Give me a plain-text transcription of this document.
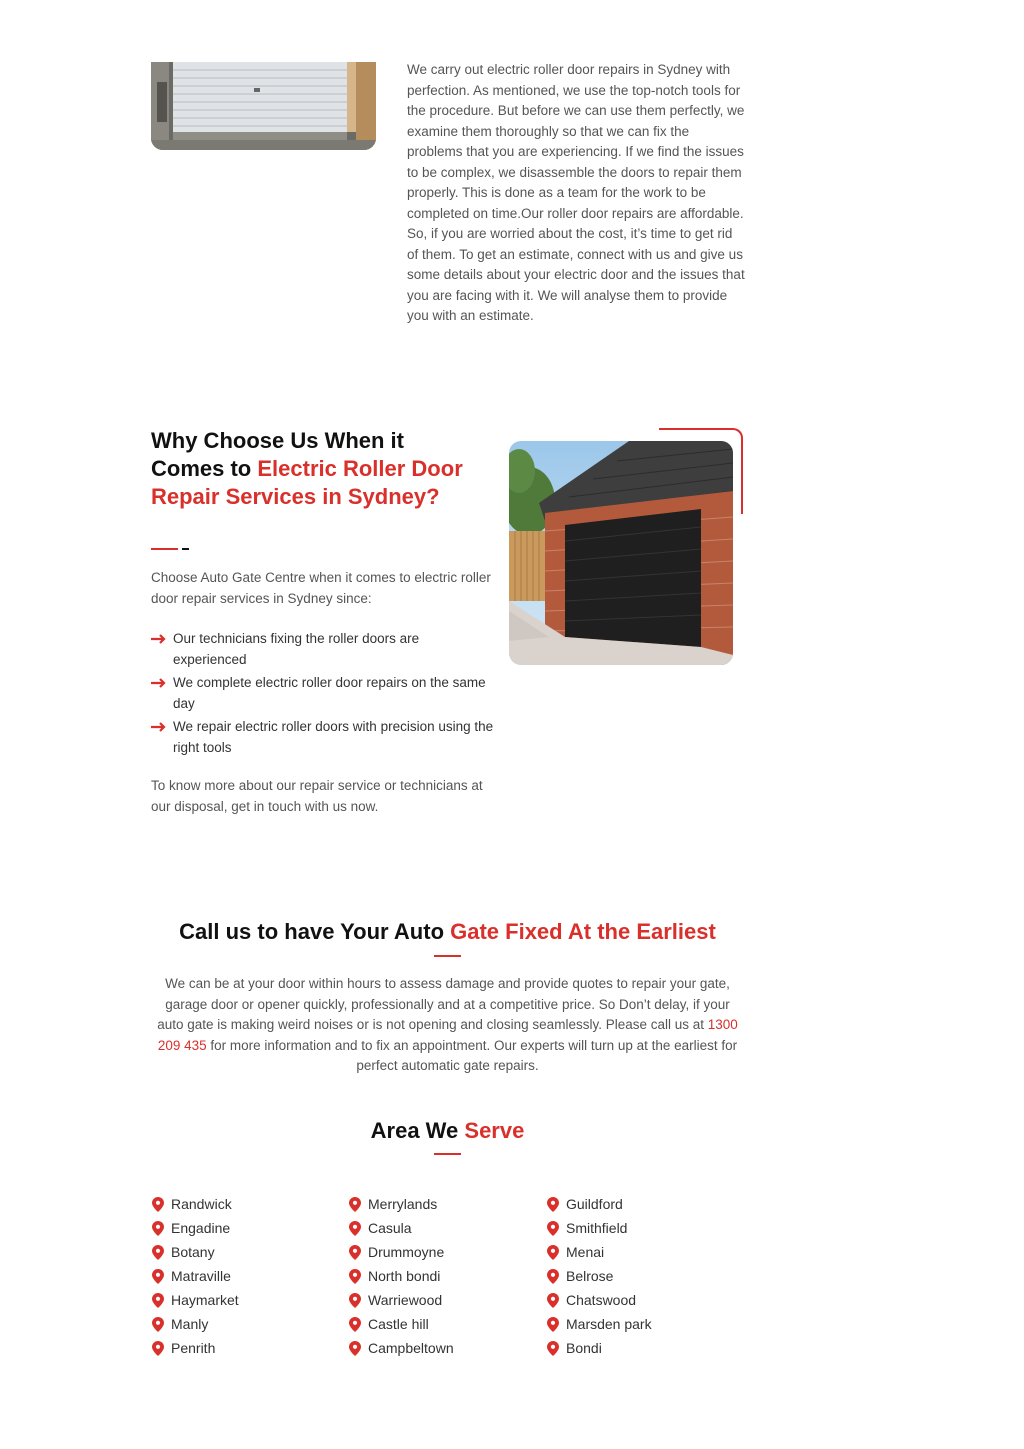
We carry out electric roller door repairs in Sydney with perfection. As mentioned, we use the top-notch tools for the procedure. But before we can use them perfectly, we examine them thoroughly so that we can fix the problems that you are experiencing. If we find the issues to be complex, we disassemble the doors to repair them properly. This is done as a team for the work to be completed on time.Our roller door repairs are affordable. So, if you are worried about the cost, it’s time to get rid of them. To get an estimate, connect with us and give us some details about your electric door and the issues that you are facing with it. We will analyse them to provide you with an estimate.
Why Choose Us When it Comes to Electric Roller Door Repair Services in Sydney?
Choose Auto Gate Centre when it comes to electric roller door repair services in Sydney since:
Our technicians fixing the roller doors are experienced
We complete electric roller door repairs on the same day
We repair electric roller doors with precision using the right tools
To know more about our repair service or technicians at our disposal, get in touch with us now.
Call us to have Your Auto Gate Fixed At the Earliest
We can be at your door within hours to assess damage and provide quotes to repair your gate, garage door or opener quickly, professionally and at a competitive price. So Don’t delay, if your auto gate is making weird noises or is not opening and closing seamlessly. Please call us at 1300 209 435 for more information and to fix an appointment. Our experts will turn up at the earliest for perfect automatic gate repairs.
Area We Serve
Randwick
Engadine
Botany
Matraville
Haymarket
Manly
Penrith
Merrylands
Casula
Drummoyne
North bondi
Warriewood
Castle hill
Campbeltown
Guildford
Smithfield
Menai
Belrose
Chatswood
Marsden park
Bondi
